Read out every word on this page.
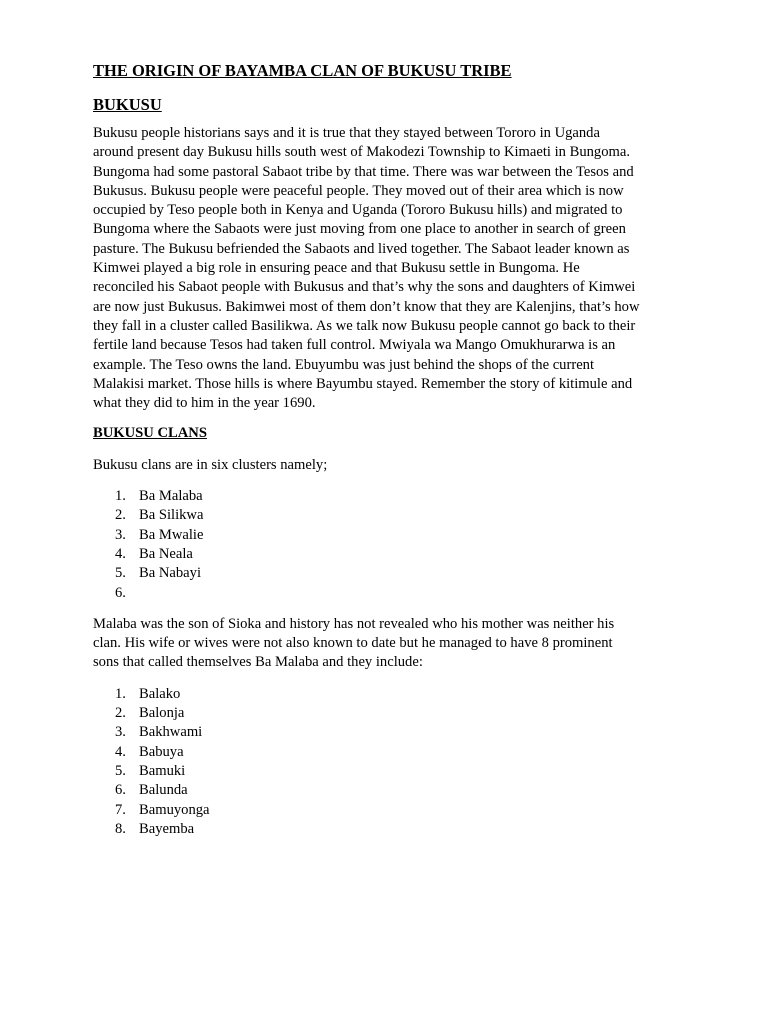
THE ORIGIN OF BAYAMBA CLAN OF BUKUSU TRIBE
BUKUSU
Bukusu people historians says and it is true that they stayed between Tororo in Uganda
around present day Bukusu hills south west of Makodezi Township to Kimaeti in Bungoma.
Bungoma had some pastoral Sabaot tribe by that time. There was war between the Tesos and
Bukusus. Bukusu people were peaceful people. They moved out of their area which is now
occupied by Teso people both in Kenya and Uganda (Tororo Bukusu hills) and migrated to
Bungoma where the Sabaots were just moving from one place to another in search of green
pasture. The Bukusu befriended the Sabaots and lived together. The Sabaot leader known as
Kimwei played a big role in ensuring peace and that Bukusu settle in Bungoma. He
reconciled his Sabaot people with Bukusus and that’s why the sons and daughters of Kimwei
are now just Bukusus. Bakimwei most of them don’t know that they are Kalenjins, that’s how
they fall in a cluster called Basilikwa. As we talk now Bukusu people cannot go back to their
fertile land because Tesos had taken full control. Mwiyala wa Mango Omukhurarwa is an
example. The Teso owns the land. Ebuyumbu was just behind the shops of the current
Malakisi market. Those hills is where Bayumbu stayed. Remember the story of kitimule and
what they did to him in the year 1690.
BUKUSU CLANS
Bukusu clans are in six clusters namely;
1. Ba Malaba
2. Ba Silikwa
3. Ba Mwalie
4. Ba Neala
5. Ba Nabayi
6.
Malaba was the son of Sioka and history has not revealed who his mother was neither his
clan. His wife or wives were not also known to date but he managed to have 8 prominent
sons that called themselves Ba Malaba and they include:
1. Balako
2. Balonja
3. Bakhwami
4. Babuya
5. Bamuki
6. Balunda
7. Bamuyonga
8. Bayemba
